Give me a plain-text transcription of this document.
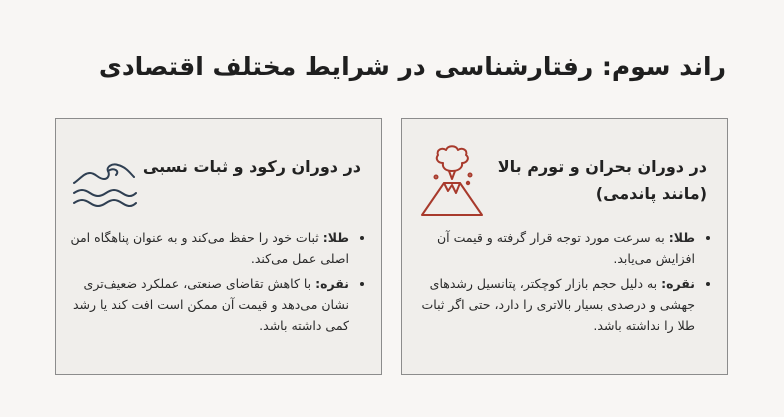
راند سوم: رفتارشناسی در شرایط مختلف اقتصادی
در دوران بحران و تورم بالا
(مانند پاندمی)
• طلا: به سرعت مورد توجه قرار گرفته و قیمت آن افزایش می‌یابد.
• نقره: به دلیل حجم بازار کوچکتر، پتانسیل رشدهای جهشی و درصدی بسیار بالاتری را دارد، حتی اگر ثبات طلا را نداشته باشد.
در دوران رکود و ثبات نسبی
• طلا: ثبات خود را حفظ می‌کند و به عنوان پناهگاه امن اصلی عمل می‌کند.
• نقره: با کاهش تقاضای صنعتی، عملکرد ضعیف‌تری نشان می‌دهد و قیمت آن ممکن است افت کند یا رشد کمی داشته باشد.
